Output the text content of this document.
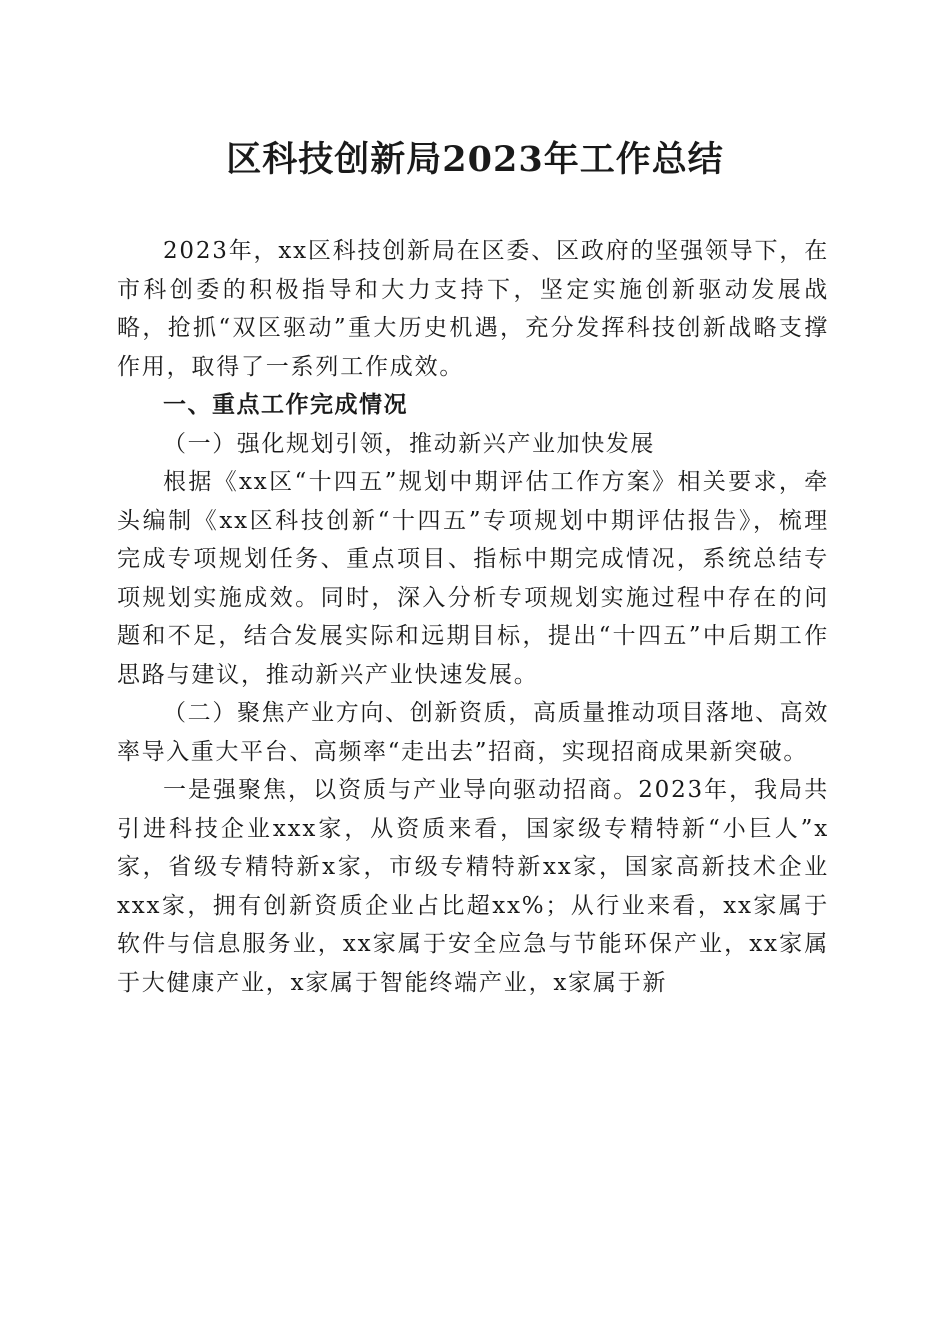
区科技创新局2023年工作总结

2023年，xx区科技创新局在区委、区政府的坚强领导下，在市科创委的积极指导和大力支持下，坚定实施创新驱动发展战略，抢抓“双区驱动”重大历史机遇，充分发挥科技创新战略支撑作用，取得了一系列工作成效。

一、重点工作完成情况

（一）强化规划引领，推动新兴产业加快发展

根据《xx区“十四五”规划中期评估工作方案》相关要求，牵头编制《xx区科技创新“十四五”专项规划中期评估报告》，梳理完成专项规划任务、重点项目、指标中期完成情况，系统总结专项规划实施成效。同时，深入分析专项规划实施过程中存在的问题和不足，结合发展实际和远期目标，提出“十四五”中后期工作思路与建议，推动新兴产业快速发展。

（二）聚焦产业方向、创新资质，高质量推动项目落地、高效率导入重大平台、高频率“走出去”招商，实现招商成果新突破。

一是强聚焦，以资质与产业导向驱动招商。2023年，我局共引进科技企业xxx家，从资质来看，国家级专精特新“小巨人”x家，省级专精特新x家，市级专精特新xx家，国家高新技术企业xxx家，拥有创新资质企业占比超xx%；从行业来看，xx家属于软件与信息服务业，xx家属于安全应急与节能环保产业，xx家属于大健康产业，x家属于智能终端产业，x家属于新
